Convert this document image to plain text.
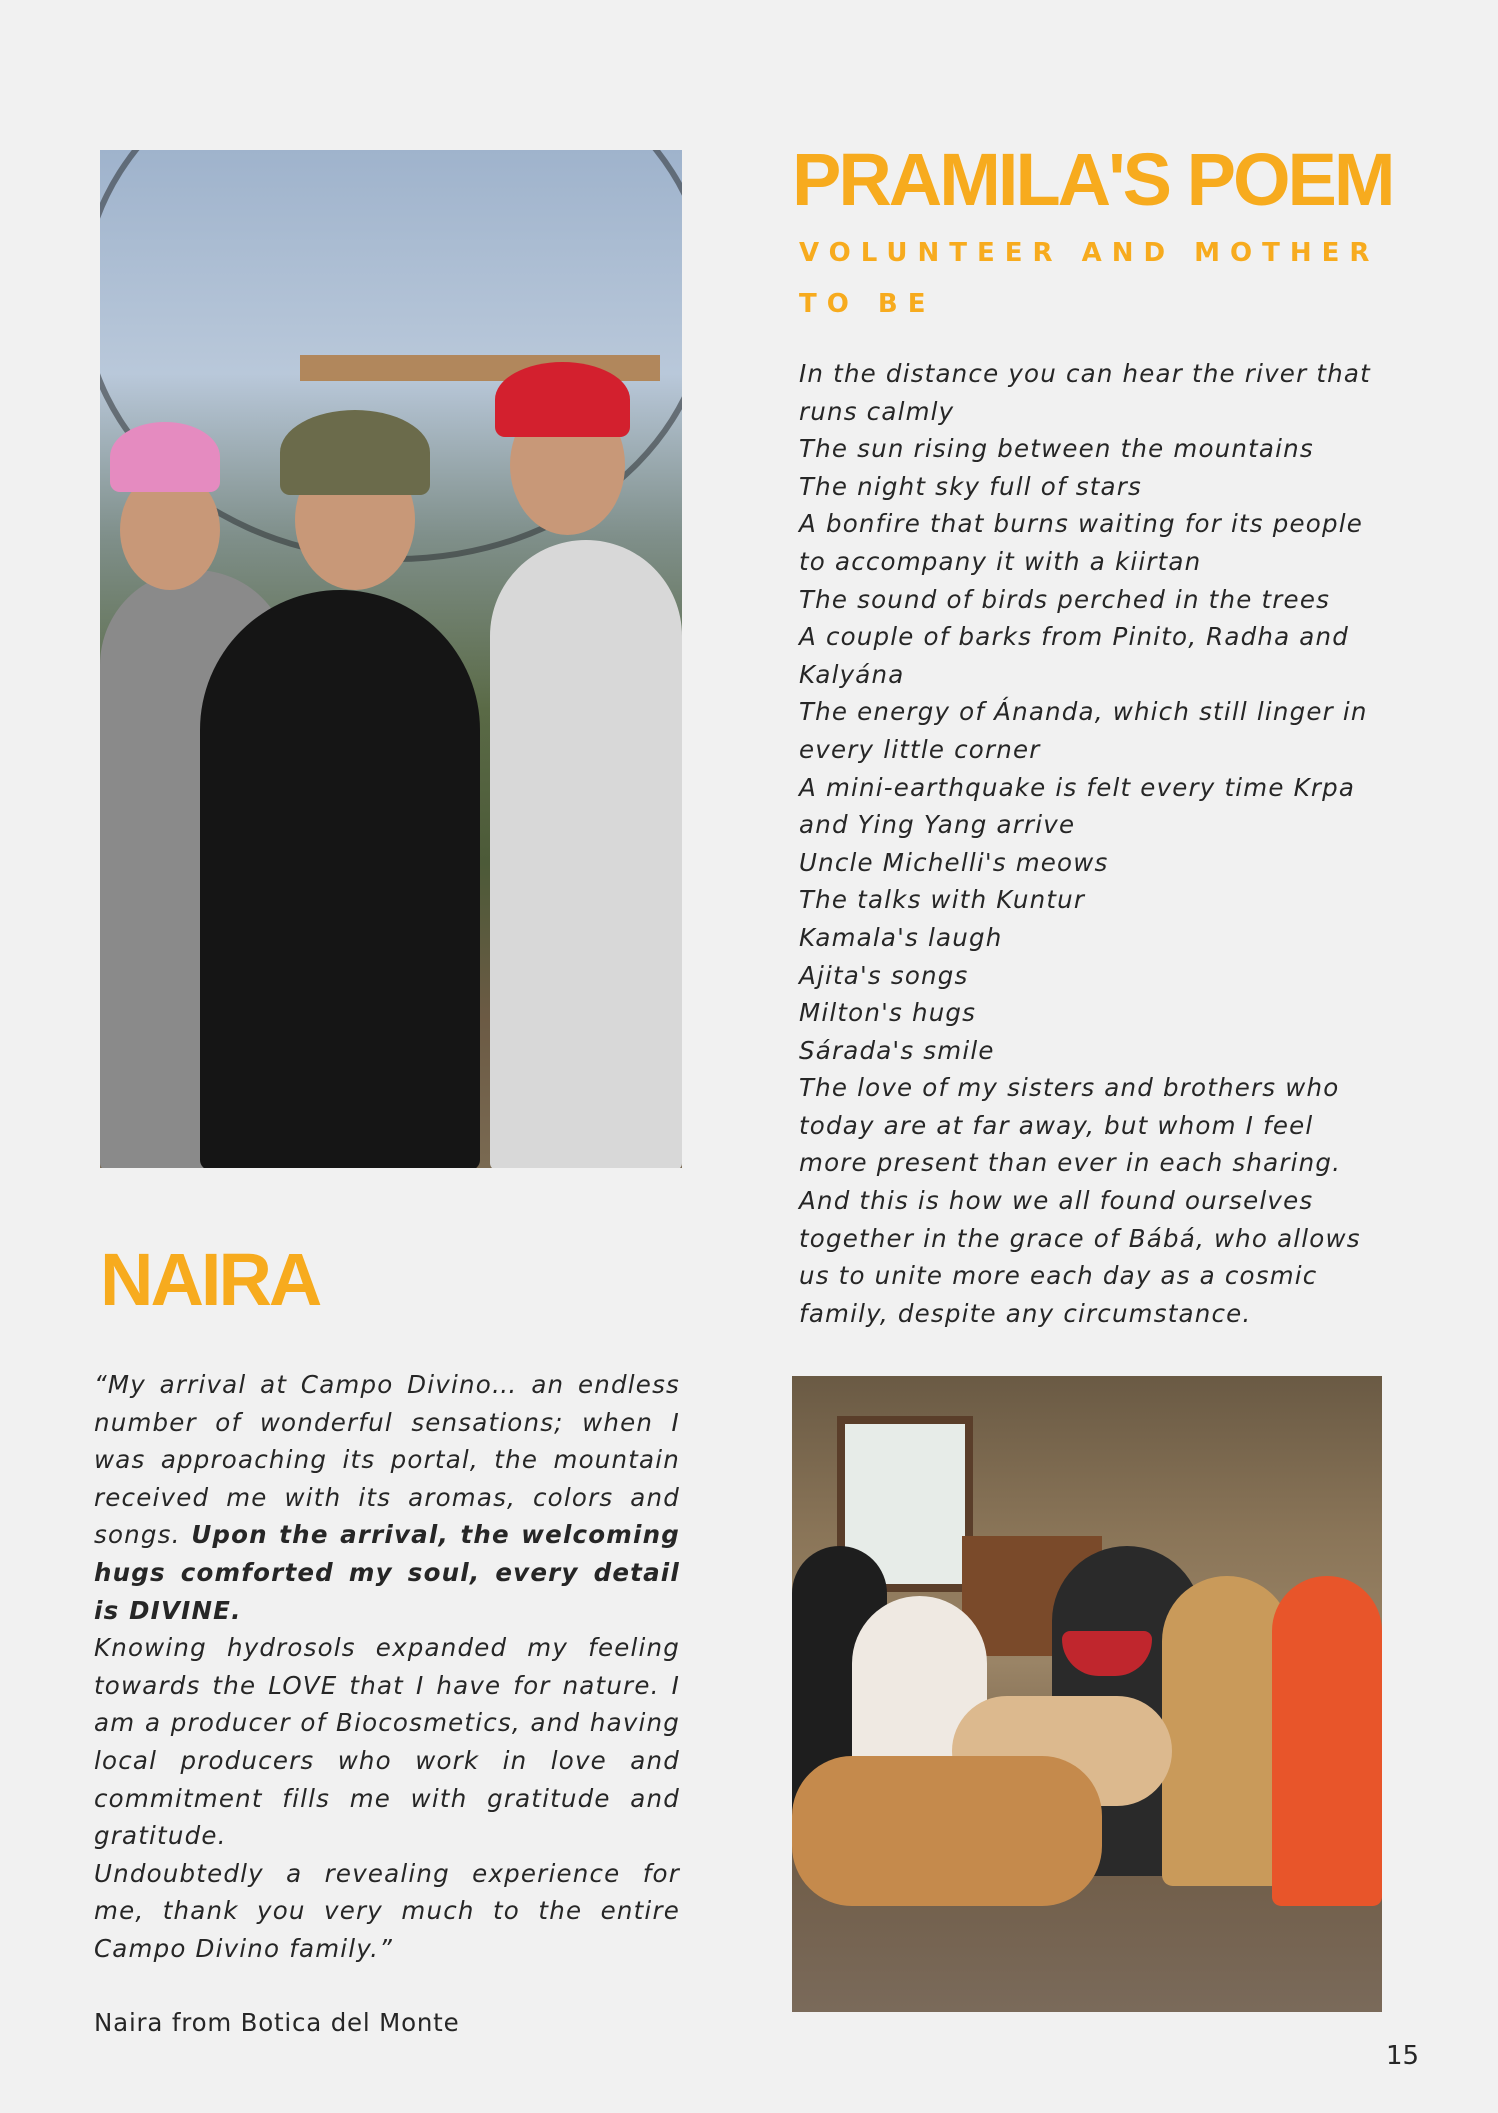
PRAMILA'S POEM

VOLUNTEER AND MOTHER TO BE

In the distance you can hear the river that
runs calmly
The sun rising between the mountains
The night sky full of stars
A bonfire that burns waiting for its people
to accompany it with a kiirtan
The sound of birds perched in the trees
A couple of barks from Pinito, Radha and
Kalyána
The energy of Ánanda, which still linger in
every little corner
A mini-earthquake is felt every time Krpa
and Ying Yang arrive
Uncle Michelli's meows
The talks with Kuntur
Kamala's laugh
Ajita's songs
Milton's hugs
Sárada's smile
The love of my sisters and brothers who
today are at far away, but whom I feel
more present than ever in each sharing.
And this is how we all found ourselves
together in the grace of Bábá, who allows
us to unite more each day as a cosmic
family, despite any circumstance.

NAIRA

“My arrival at Campo Divino… an endless number of wonderful sensations; when I was approaching its portal, the mountain received me with its aromas, colors and songs. Upon the arrival, the welcoming hugs comforted my soul, every detail is DIVINE.
Knowing hydrosols expanded my feeling towards the LOVE that I have for nature. I am a producer of Biocosmetics, and having local producers who work in love and commitment fills me with gratitude and gratitude.
Undoubtedly a revealing experience for me, thank you very much to the entire Campo Divino family.”

Naira from Botica del Monte

15
